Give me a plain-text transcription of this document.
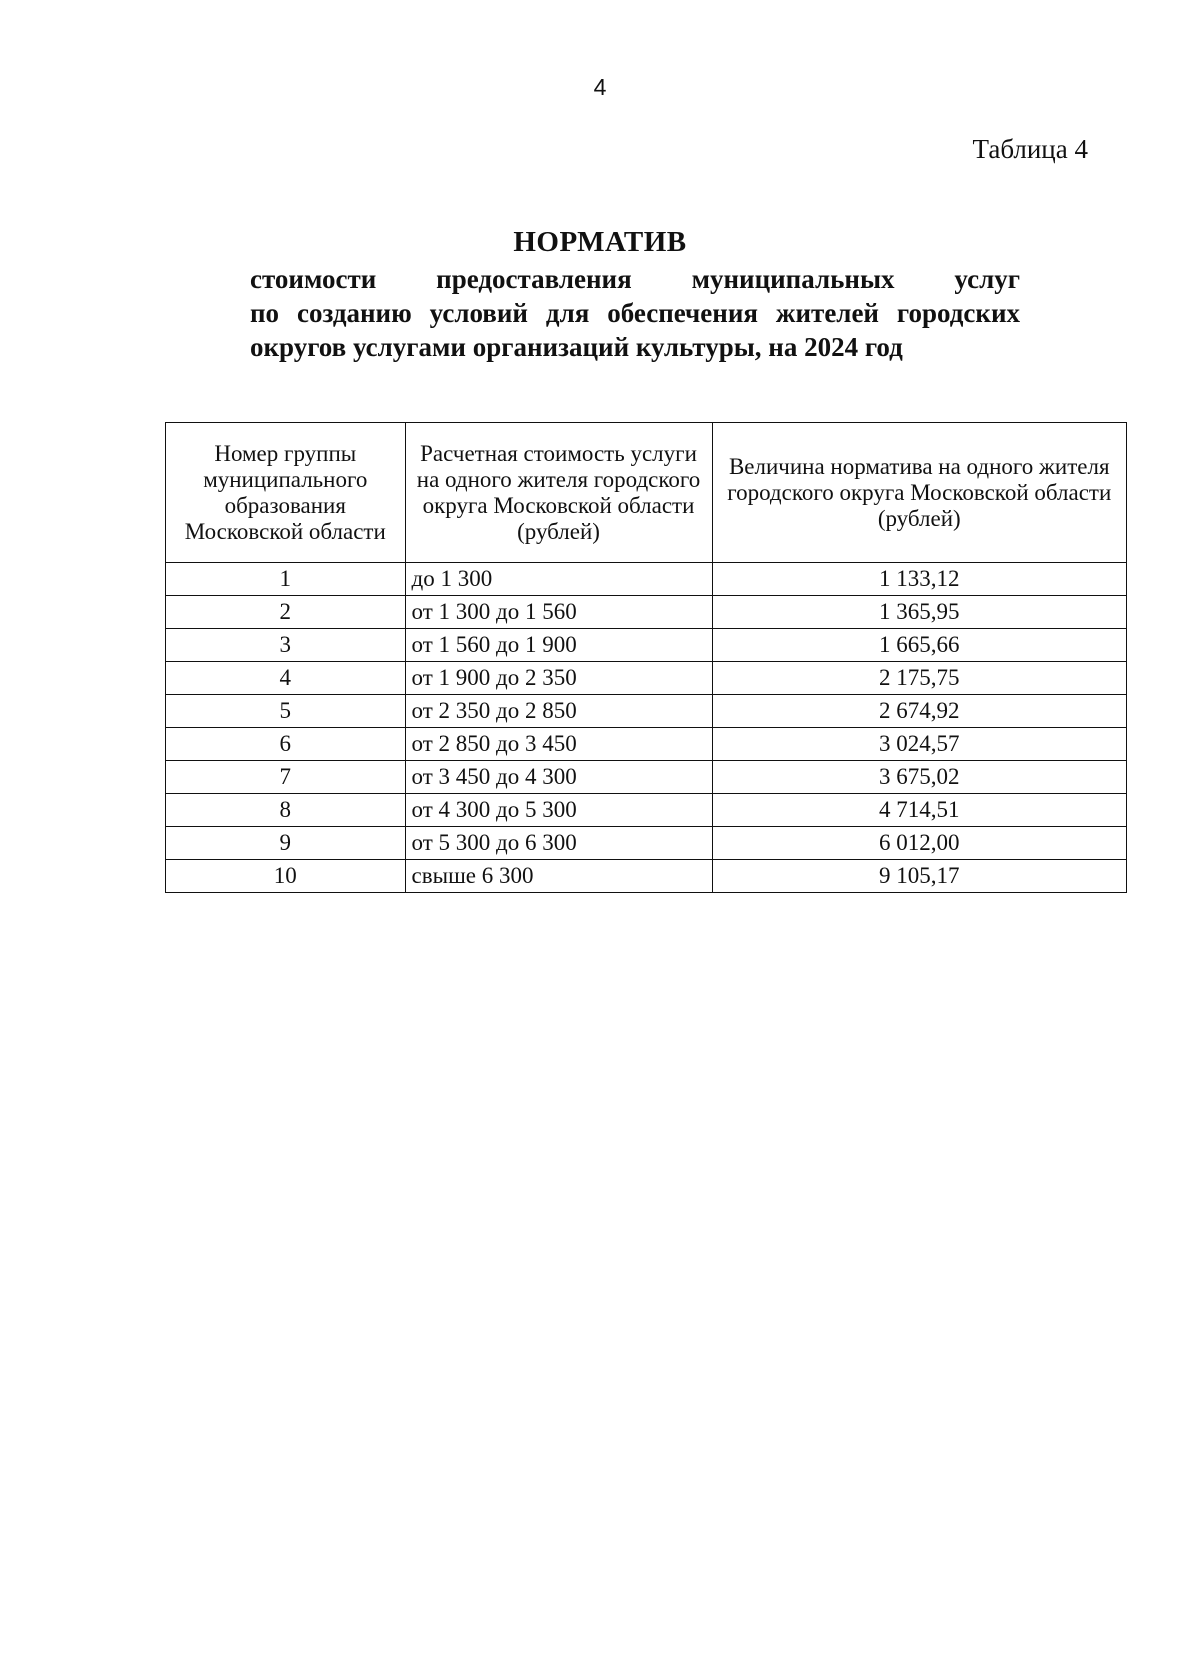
4
Таблица 4
НОРМАТИВ
стоимости предоставления муниципальных услуг
по созданию условий для обеспечения жителей городских
округов услугами организаций культуры, на 2024 год
Номер группы муниципального образования Московской области	Расчетная стоимость услуги на одного жителя городского округа Московской области (рублей)	Величина норматива на одного жителя городского округа Московской области (рублей)
1	до 1 300	1 133,12
2	от 1 300 до 1 560	1 365,95
3	от 1 560 до 1 900	1 665,66
4	от 1 900 до 2 350	2 175,75
5	от 2 350 до 2 850	2 674,92
6	от 2 850 до 3 450	3 024,57
7	от 3 450 до 4 300	3 675,02
8	от 4 300 до 5 300	4 714,51
9	от 5 300 до 6 300	6 012,00
10	свыше 6 300	9 105,17
